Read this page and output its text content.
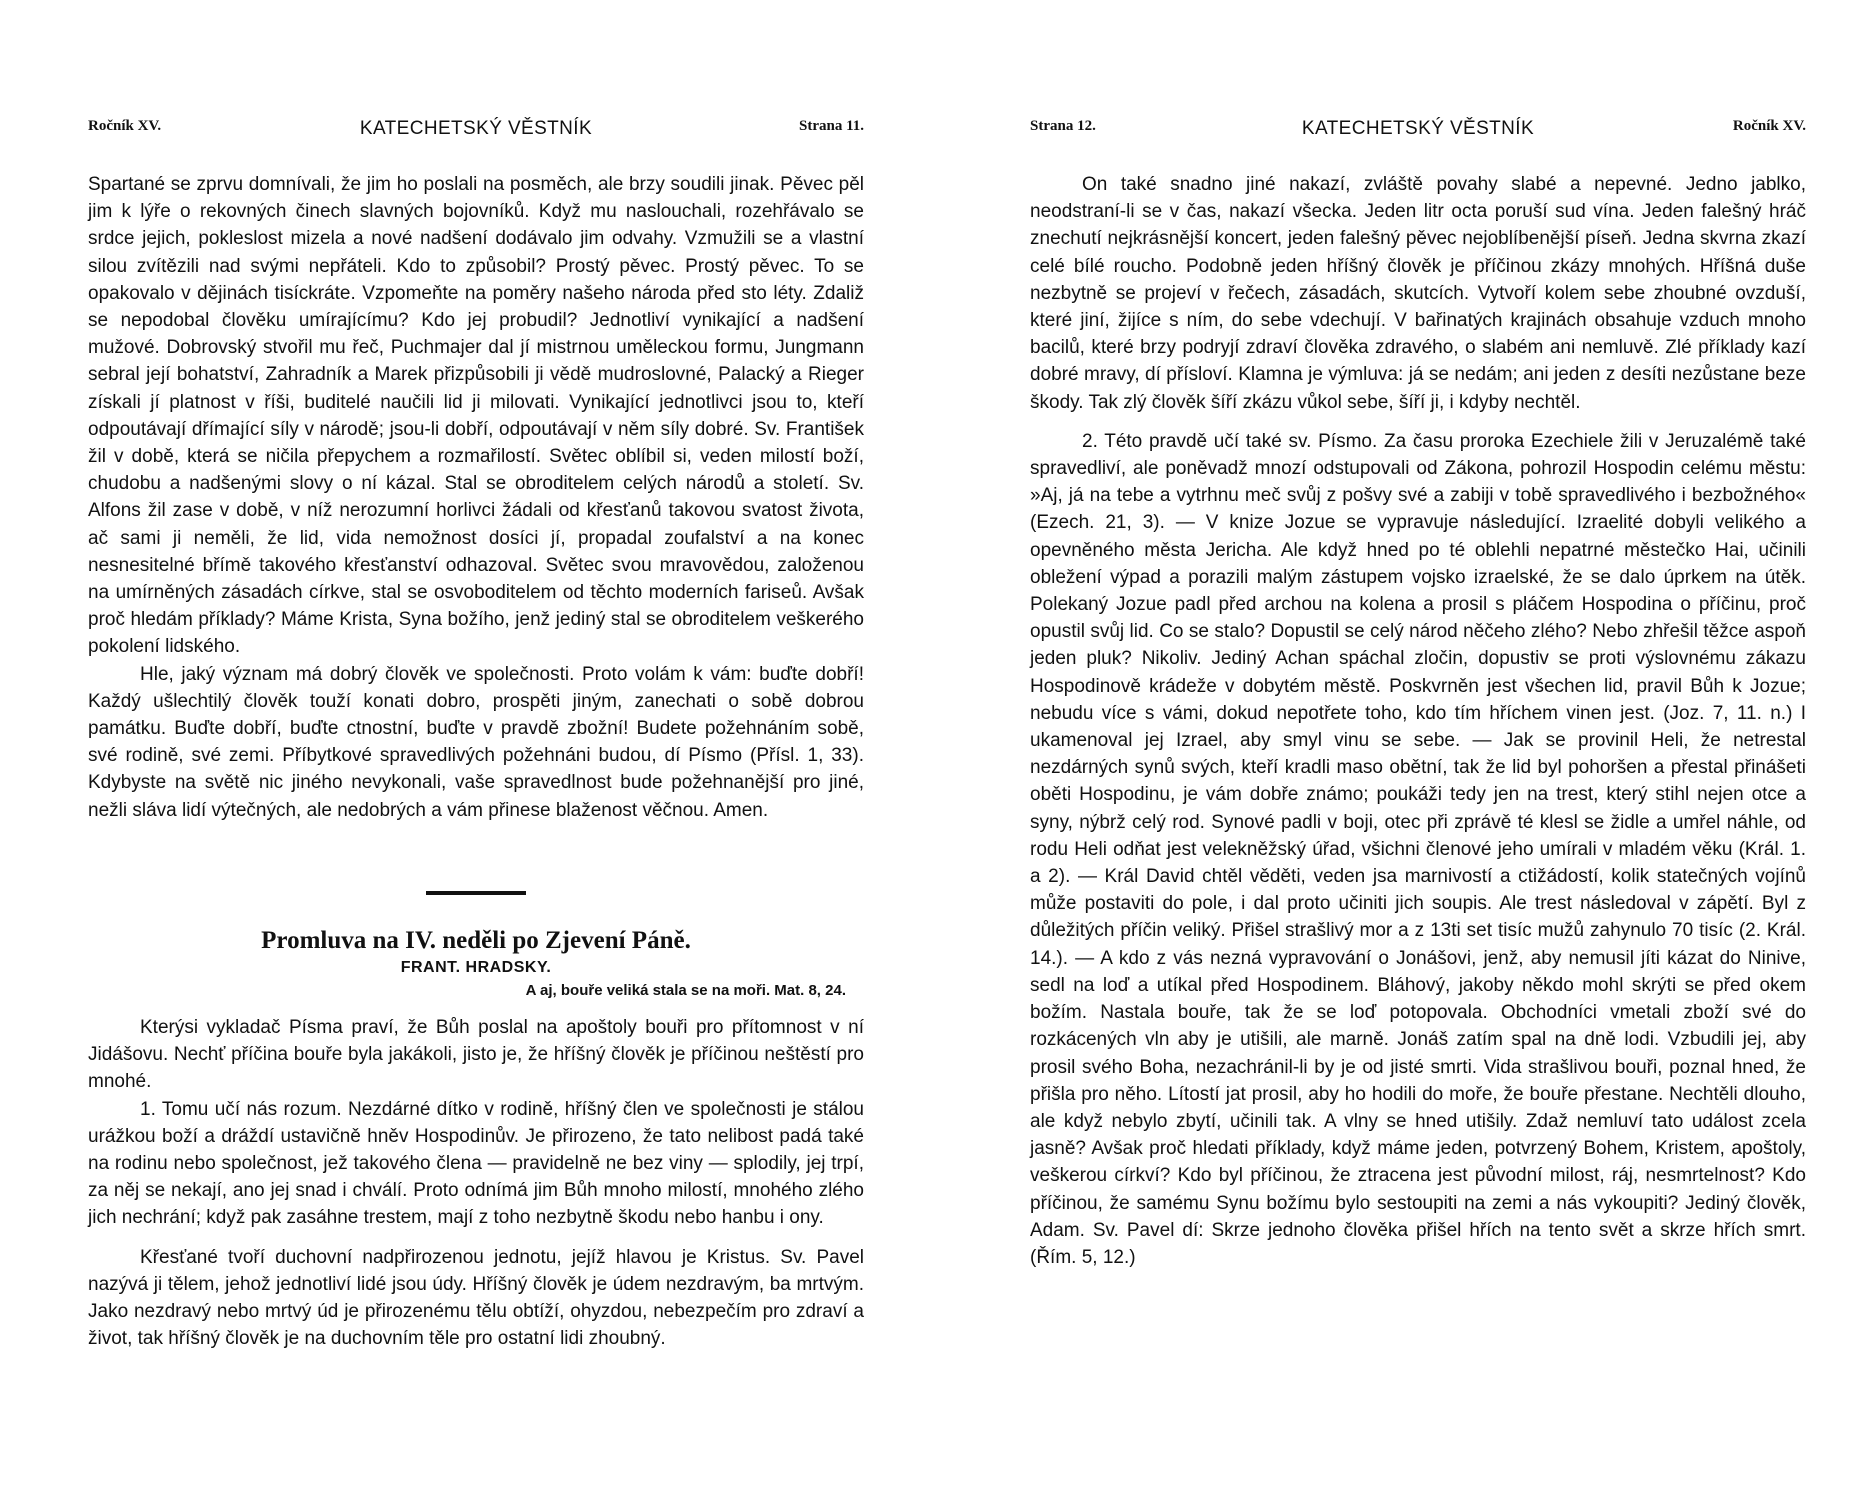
Ročník XV.	KATECHETSKÝ VĚSTNÍK	Strana 11.

Spartané se zprvu domnívali, že jim ho poslali na posměch, ale brzy soudili jinak. Pěvec pěl jim k lýře o rekovných činech slavných bojovníků. Když mu naslouchali, rozehřávalo se srdce jejich, pokleslost mizela a nové nadšení dodávalo jim odvahy. Vzmužili se a vlastní silou zvítězili nad svými nepřáteli. Kdo to způsobil? Prostý pěvec. Prostý pěvec. To se opakovalo v dějinách tisíckráte. Vzpomeňte na poměry našeho národa před sto léty. Zdaliž se nepodobal člověku umírajícímu? Kdo jej probudil? Jednotliví vynikající a nadšení mužové. Dobrovský stvořil mu řeč, Puchmajer dal jí mistrnou uměleckou formu, Jungmann sebral její bohatství, Zahradník a Marek přizpůsobili ji vědě mudroslovné, Palacký a Rieger získali jí platnost v říši, buditelé naučili lid ji milovati. Vynikající jednotlivci jsou to, kteří odpoutávají dřímající síly v národě; jsou-li dobří, odpoutávají v něm síly dobré. Sv. František žil v době, která se ničila přepychem a rozmařilostí. Světec oblíbil si, veden milostí boží, chudobu a nadšenými slovy o ní kázal. Stal se obroditelem celých národů a století. Sv. Alfons žil zase v době, v níž nerozumní horlivci žádali od křesťanů takovou svatost života, ač sami ji neměli, že lid, vida nemožnost dosíci jí, propadal zoufalství a na konec nesnesitelné břímě takového křesťanství odhazoval. Světec svou mravovědou, založenou na umírněných zásadách církve, stal se osvoboditelem od těchto moderních fariseů. Avšak proč hledám příklady? Máme Krista, Syna božího, jenž jediný stal se obroditelem veškerého pokolení lidského.

Hle, jaký význam má dobrý člověk ve společnosti. Proto volám k vám: buďte dobří! Každý ušlechtilý člověk touží konati dobro, prospěti jiným, zanechati o sobě dobrou památku. Buďte dobří, buďte ctnostní, buďte v pravdě zbožní! Budete požehnáním sobě, své rodině, své zemi. Příbytkové spravedlivých požehnáni budou, dí Písmo (Přísl. 1, 33). Kdybyste na světě nic jiného nevykonali, vaše spravedlnost bude požehnanější pro jiné, nežli sláva lidí výtečných, ale nedobrých a vám přinese blaženost věčnou. Amen.

Promluva na IV. neděli po Zjevení Páně.
FRANT. HRADSKY.
A aj, bouře veliká stala se na moři. Mat. 8, 24.

Kterýsi vykladač Písma praví, že Bůh poslal na apoštoly bouři pro přítomnost v ní Jidášovu. Nechť příčina bouře byla jakákoli, jisto je, že hříšný člověk je příčinou neštěstí pro mnohé.

1. Tomu učí nás rozum. Nezdárné dítko v rodině, hříšný člen ve společnosti je stálou urážkou boží a dráždí ustavičně hněv Hospodinův. Je přirozeno, že tato nelibost padá také na rodinu nebo společnost, jež takového člena — pravidelně ne bez viny — splodily, jej trpí, za něj se nekají, ano jej snad i chválí. Proto odnímá jim Bůh mnoho milostí, mnohého zlého jich nechrání; když pak zasáhne trestem, mají z toho nezbytně škodu nebo hanbu i ony.

Křesťané tvoří duchovní nadpřirozenou jednotu, jejíž hlavou je Kristus. Sv. Pavel nazývá ji tělem, jehož jednotliví lidé jsou údy. Hříšný člověk je údem nezdravým, ba mrtvým. Jako nezdravý nebo mrtvý úd je přirozenému tělu obtíží, ohyzdou, nebezpečím pro zdraví a život, tak hříšný člověk je na duchovním těle pro ostatní lidi zhoubný.

Strana 12.	KATECHETSKÝ VĚSTNÍK	Ročník XV.

On také snadno jiné nakazí, zvláště povahy slabé a nepevné. Jedno jablko, neodstraní-li se v čas, nakazí všecka. Jeden litr octa poruší sud vína. Jeden falešný hráč znechutí nejkrásnější koncert, jeden falešný pěvec nejoblíbenější píseň. Jedna skvrna zkazí celé bílé roucho. Podobně jeden hříšný člověk je příčinou zkázy mnohých. Hříšná duše nezbytně se projeví v řečech, zásadách, skutcích. Vytvoří kolem sebe zhoubné ovzduší, které jiní, žijíce s ním, do sebe vdechují. V bařinatých krajinách obsahuje vzduch mnoho bacilů, které brzy podryjí zdraví člověka zdravého, o slabém ani nemluvě. Zlé příklady kazí dobré mravy, dí přísloví. Klamna je výmluva: já se nedám; ani jeden z desíti nezůstane beze škody. Tak zlý člověk šíří zkázu vůkol sebe, šíří ji, i kdyby nechtěl.

2. Této pravdě učí také sv. Písmo. Za času proroka Ezechiele žili v Jeruzalémě také spravedliví, ale poněvadž mnozí odstupovali od Zákona, pohrozil Hospodin celému městu: »Aj, já na tebe a vytrhnu meč svůj z pošvy své a zabiji v tobě spravedlivého i bezbožného« (Ezech. 21, 3). — V knize Jozue se vypravuje následující. Izraelité dobyli velikého a opevněného města Jericha. Ale když hned po té oblehli nepatrné městečko Hai, učinili obležení výpad a porazili malým zástupem vojsko izraelské, že se dalo úprkem na útěk. Polekaný Jozue padl před archou na kolena a prosil s pláčem Hospodina o příčinu, proč opustil svůj lid. Co se stalo? Dopustil se celý národ něčeho zlého? Nebo zhřešil těžce aspoň jeden pluk? Nikoliv. Jediný Achan spáchal zločin, dopustiv se proti výslovnému zákazu Hospodinově krádeže v dobytém městě. Poskvrněn jest všechen lid, pravil Bůh k Jozue; nebudu více s vámi, dokud nepotřete toho, kdo tím hříchem vinen jest. (Joz. 7, 11. n.) I ukamenoval jej Izrael, aby smyl vinu se sebe. — Jak se provinil Heli, že netrestal nezdárných synů svých, kteří kradli maso obětní, tak že lid byl pohoršen a přestal přinášeti oběti Hospodinu, je vám dobře známo; poukáži tedy jen na trest, který stihl nejen otce a syny, nýbrž celý rod. Synové padli v boji, otec při zprávě té klesl se židle a umřel náhle, od rodu Heli odňat jest velekněžský úřad, všichni členové jeho umírali v mladém věku (Král. 1. a 2). — Král David chtěl věděti, veden jsa marnivostí a ctižádostí, kolik statečných vojínů může postaviti do pole, i dal proto učiniti jich soupis. Ale trest následoval v zápětí. Byl z důležitých příčin veliký. Přišel strašlivý mor a z 13ti set tisíc mužů zahynulo 70 tisíc (2. Král. 14.). — A kdo z vás nezná vypravování o Jonášovi, jenž, aby nemusil jíti kázat do Ninive, sedl na loď a utíkal před Hospodinem. Bláhový, jakoby někdo mohl skrýti se před okem božím. Nastala bouře, tak že se loď potopovala. Obchodníci vmetali zboží své do rozkácených vln aby je utišili, ale marně. Jonáš zatím spal na dně lodi. Vzbudili jej, aby prosil svého Boha, nezachránil-li by je od jisté smrti. Vida strašlivou bouři, poznal hned, že přišla pro něho. Lítostí jat prosil, aby ho hodili do moře, že bouře přestane. Nechtěli dlouho, ale když nebylo zbytí, učinili tak. A vlny se hned utišily. Zdaž nemluví tato událost zcela jasně? Avšak proč hledati příklady, když máme jeden, potvrzený Bohem, Kristem, apoštoly, veškerou církví? Kdo byl příčinou, že ztracena jest původní milost, ráj, nesmrtelnost? Kdo příčinou, že samému Synu božímu bylo sestoupiti na zemi a nás vykoupiti? Jediný člověk, Adam. Sv. Pavel dí: Skrze jednoho člověka přišel hřích na tento svět a skrze hřích smrt. (Řím. 5, 12.)
